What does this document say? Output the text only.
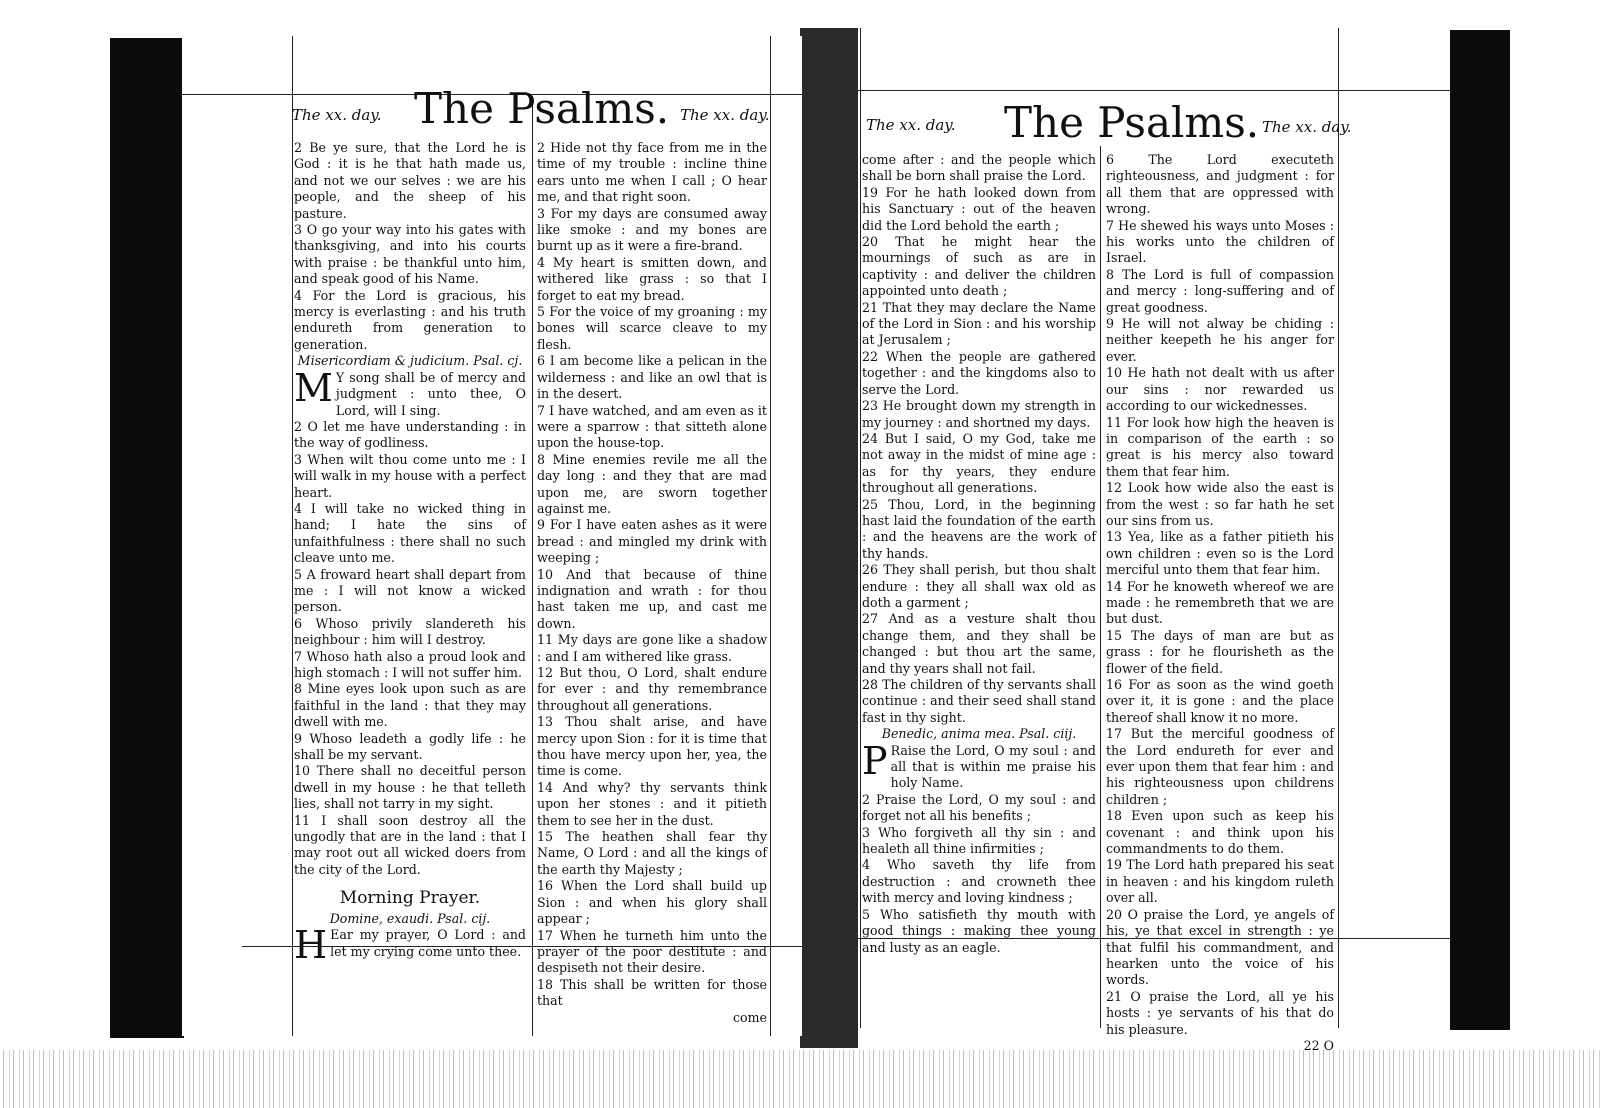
The xx. day. The Psalms. The xx. day.

2 Be ye sure, that the Lord he is God : it is he that hath made us, and not we our selves : we are his people, and the sheep of his pasture.

3 O go your way into his gates with thanksgiving, and into his courts with praise : be thankful unto him, and speak good of his Name.

4 For the Lord is gracious, his mercy is everlasting : and his truth endureth from generation to generation.

Misericordiam & judicium. Psal. cj.

M Y song shall be of mercy and judgment : unto thee, O Lord, will I sing.

2 O let me have understanding : in the way of godliness.

3 When wilt thou come unto me : I will walk in my house with a perfect heart.

4 I will take no wicked thing in hand; I hate the sins of unfaithfulness : there shall no such cleave unto me.

5 A froward heart shall depart from me : I will not know a wicked person.

6 Whoso privily slandereth his neighbour : him will I destroy.

7 Whoso hath also a proud look and high stomach : I will not suffer him.

8 Mine eyes look upon such as are faithful in the land : that they may dwell with me.

9 Whoso leadeth a godly life : he shall be my servant.

10 There shall no deceitful person dwell in my house : he that telleth lies, shall not tarry in my sight.

11 I shall soon destroy all the ungodly that are in the land : that I may root out all wicked doers from the city of the Lord.

Morning Prayer.

Domine, exaudi. Psal. cij.

H Ear my prayer, O Lord : and let my crying come unto thee.

2 Hide not thy face from me in the time of my trouble : incline thine ears unto me when I call ; O hear me, and that right soon.

3 For my days are consumed away like smoke : and my bones are burnt up as it were a fire-brand.

4 My heart is smitten down, and withered like grass : so that I forget to eat my bread.

5 For the voice of my groaning : my bones will scarce cleave to my flesh.

6 I am become like a pelican in the wilderness : and like an owl that is in the desert.

7 I have watched, and am even as it were a sparrow : that sitteth alone upon the house-top.

8 Mine enemies revile me all the day long : and they that are mad upon me, are sworn together against me.

9 For I have eaten ashes as it were bread : and mingled my drink with weeping ;

10 And that because of thine indignation and wrath : for thou hast taken me up, and cast me down.

11 My days are gone like a shadow : and I am withered like grass.

12 But thou, O Lord, shalt endure for ever : and thy remembrance throughout all generations.

13 Thou shalt arise, and have mercy upon Sion : for it is time that thou have mercy upon her, yea, the time is come.

14 And why? thy servants think upon her stones : and it pitieth them to see her in the dust.

15 The heathen shall fear thy Name, O Lord : and all the kings of the earth thy Majesty ;

16 When the Lord shall build up Sion : and when his glory shall appear ;

17 When he turneth him unto the prayer of the poor destitute : and despiseth not their desire.

18 This shall be written for those that

come

The xx. day. The Psalms. The xx. day.

come after : and the people which shall be born shall praise the Lord.

19 For he hath looked down from his Sanctuary : out of the heaven did the Lord behold the earth ;

20 That he might hear the mournings of such as are in captivity : and deliver the children appointed unto death ;

21 That they may declare the Name of the Lord in Sion : and his worship at Jerusalem ;

22 When the people are gathered together : and the kingdoms also to serve the Lord.

23 He brought down my strength in my journey : and shortned my days.

24 But I said, O my God, take me not away in the midst of mine age : as for thy years, they endure throughout all generations.

25 Thou, Lord, in the beginning hast laid the foundation of the earth : and the heavens are the work of thy hands.

26 They shall perish, but thou shalt endure : they all shall wax old as doth a garment ;

27 And as a vesture shalt thou change them, and they shall be changed : but thou art the same, and thy years shall not fail.

28 The children of thy servants shall continue : and their seed shall stand fast in thy sight.

Benedic, anima mea. Psal. ciij.

P Raise the Lord, O my soul : and all that is within me praise his holy Name.

2 Praise the Lord, O my soul : and forget not all his benefits ;

3 Who forgiveth all thy sin : and healeth all thine infirmities ;

4 Who saveth thy life from destruction : and crowneth thee with mercy and loving kindness ;

5 Who satisfieth thy mouth with good things : making thee young and lusty as an eagle.

6 The Lord executeth righteousness, and judgment : for all them that are oppressed with wrong.

7 He shewed his ways unto Moses : his works unto the children of Israel.

8 The Lord is full of compassion and mercy : long-suffering and of great goodness.

9 He will not alway be chiding : neither keepeth he his anger for ever.

10 He hath not dealt with us after our sins : nor rewarded us according to our wickednesses.

11 For look how high the heaven is in comparison of the earth : so great is his mercy also toward them that fear him.

12 Look how wide also the east is from the west : so far hath he set our sins from us.

13 Yea, like as a father pitieth his own children : even so is the Lord merciful unto them that fear him.

14 For he knoweth whereof we are made : he remembreth that we are but dust.

15 The days of man are but as grass : for he flourisheth as the flower of the field.

16 For as soon as the wind goeth over it, it is gone : and the place thereof shall know it no more.

17 But the merciful goodness of the Lord endureth for ever and ever upon them that fear him : and his righteousness upon childrens children ;

18 Even upon such as keep his covenant : and think upon his commandments to do them.

19 The Lord hath prepared his seat in heaven : and his kingdom ruleth over all.

20 O praise the Lord, ye angels of his, ye that excel in strength : ye that fulfil his commandment, and hearken unto the voice of his words.

21 O praise the Lord, all ye his hosts : ye servants of his that do his pleasure.

22 O
